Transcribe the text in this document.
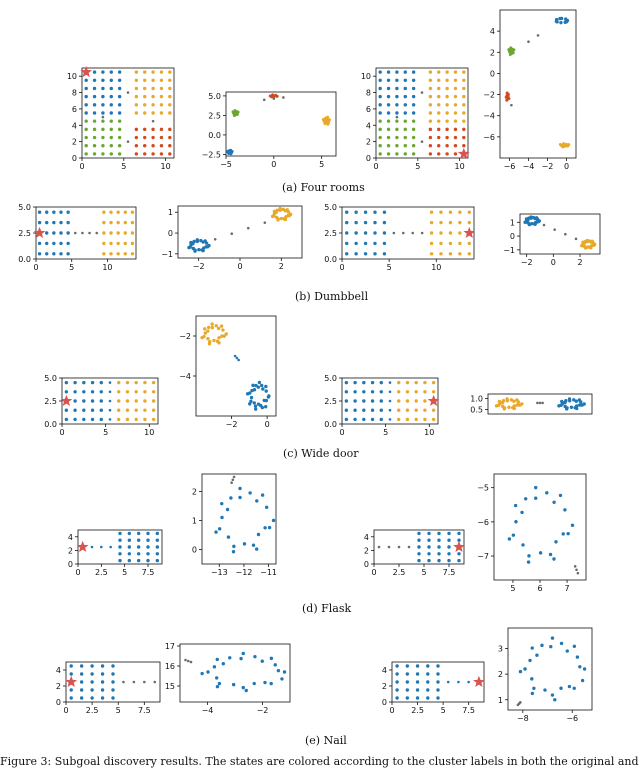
(a) Four rooms
(b) Dumbbell
(c) Wide door
(d) Flask
(e) Nail
0	5	10
0
2
4
6
8
10
−5	0	5
−2.5
0.0
2.5
5.0
0	5	10
0
2
4
6
8
10
−6 −4 −2 0
−6
−4
−2
0
2
4
0	5	10
0.0
2.5
5.0
−2	0	2
−1
0
1
0	5	10
0.0
2.5
5.0
−2 0	2
−1
0
1
0	5	10
0.0
2.5
5.0
−2	0
−2
−4
0	5	10
0.0
2.5
5.0
0.5
1.0
0 2.5 5 7.5
0
2
4
−13 −12 −11
0
1
2
0 2.5 5 7.5
0
2
4
5	6	7
−5
−6
−7
0 2.5 5 7.5
0
2
4
−4	−2
15
16
17
0 2.5 5 7.5
0
2
4
−8	−6
1
2
3
Figure 3: Subgoal discovery results. The states are colored according to the cluster labels in both the original and
